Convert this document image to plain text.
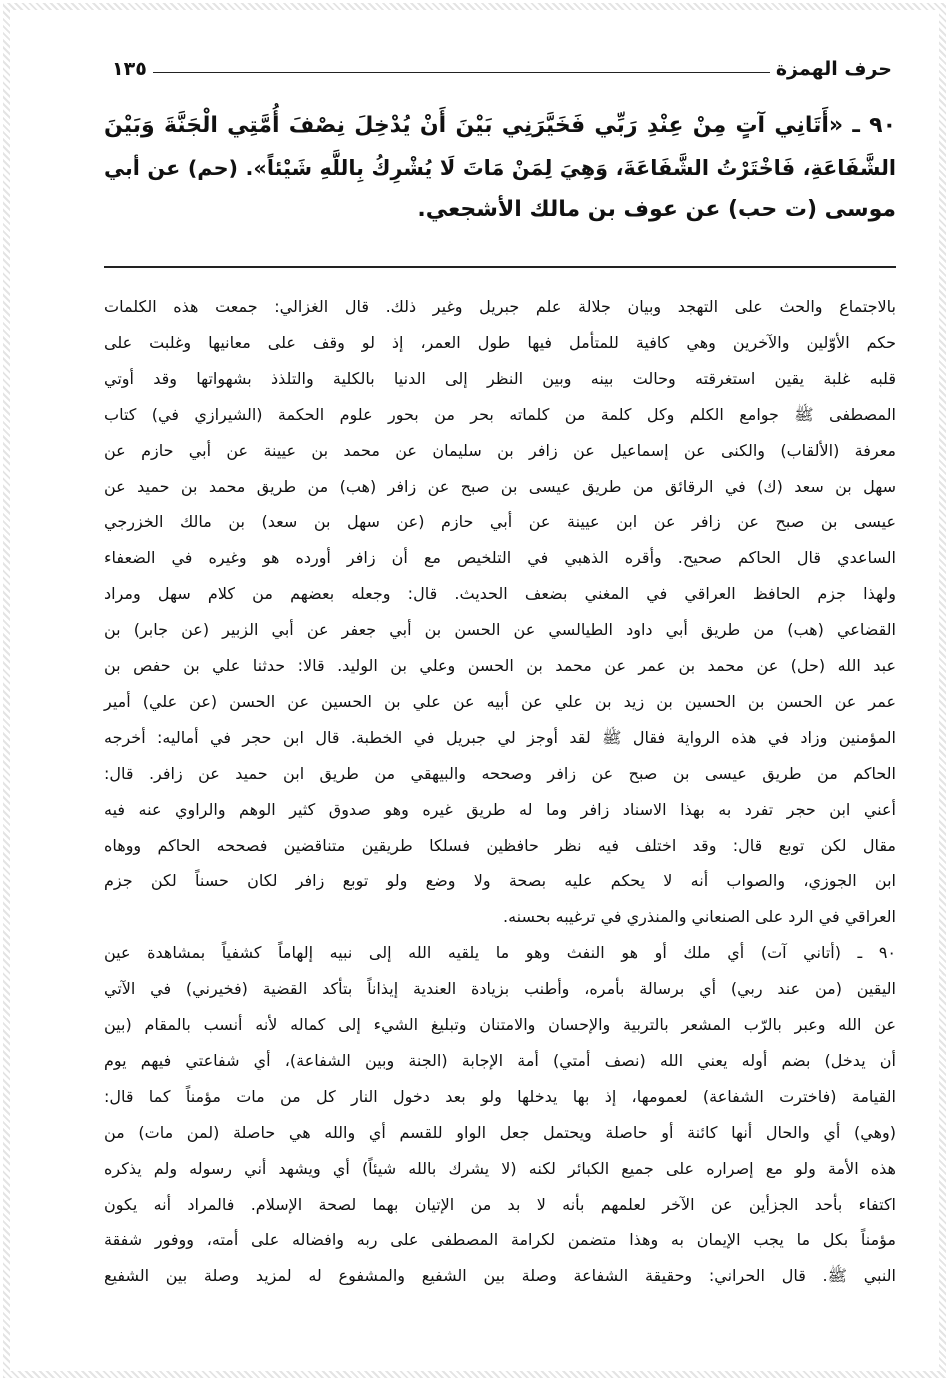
حرف الهمزة
١٣٥
٩٠ ـ «أَتَانِي آتٍ مِنْ عِنْدِ رَبِّي فَخَيَّرَنِي بَيْنَ أَنْ يُدْخِلَ نِصْفَ أُمَّتِي الْجَنَّةَ وَبَيْنَ
الشَّفَاعَةِ، فَاخْتَرْتُ الشَّفَاعَةَ، وَهِيَ لِمَنْ مَاتَ لَا يُشْرِكُ بِاللَّهِ شَيْئاً». (حم) عن أبي
موسى (ت حب) عن عوف بن مالك الأشجعي.
بالاجتماع والحث على التهجد وبيان جلالة علم جبريل وغير ذلك. قال الغزالي: جمعت هذه الكلمات
حكم الأوّلين والآخرين وهي كافية للمتأمل فيها طول العمر، إذ لو وقف على معانيها وغلبت على
قلبه غلبة يقين استغرقته وحالت بينه وبين النظر إلى الدنيا بالكلية والتلذذ بشهواتها وقد أوتي
المصطفى ﷺ جوامع الكلم وكل كلمة من كلماته بحر من بحور علوم الحكمة (الشيرازي في) كتاب
معرفة (الألقاب) والكنى عن إسماعيل عن زافر بن سليمان عن محمد بن عيينة عن أبي حازم عن
سهل بن سعد (ك) في الرقائق من طريق عيسى بن صبح عن زافر (هب) من طريق محمد بن حميد عن
عيسى بن صبح عن زافر عن ابن عيينة عن أبي حازم (عن سهل بن سعد) بن مالك الخزرجي
الساعدي قال الحاكم صحيح. وأقره الذهبي في التلخيص مع أن زافر أورده هو وغيره في الضعفاء
ولهذا جزم الحافظ العراقي في المغني بضعف الحديث. قال: وجعله بعضهم من كلام سهل ومراد
القضاعي (هب) من طريق أبي داود الطيالسي عن الحسن بن أبي جعفر عن أبي الزبير (عن جابر) بن
عبد الله (حل) عن محمد بن عمر عن محمد بن الحسن وعلي بن الوليد. قالا: حدثنا علي بن حفص بن
عمر عن الحسن بن الحسين بن زيد بن علي عن أبيه عن علي بن الحسين عن الحسن (عن علي) أمير
المؤمنين وزاد في هذه الرواية فقال ﷺ لقد أوجز لي جبريل في الخطبة. قال ابن حجر في أماليه: أخرجه
الحاكم من طريق عيسى بن صبح عن زافر وصححه والبيهقي من طريق ابن حميد عن زافر. قال:
أعني ابن حجر تفرد به بهذا الاسناد زافر وما له طريق غيره وهو صدوق كثير الوهم والراوي عنه فيه
مقال لكن توبع قال: وقد اختلف فيه نظر حافظين فسلكا طريقين متناقضين فصححه الحاكم ووهاه
ابن الجوزي، والصواب أنه لا يحكم عليه بصحة ولا وضع ولو توبع زافر لكان حسناً لكن جزم
العراقي في الرد على الصنعاني والمنذري في ترغيبه بحسنه.
٩٠ ـ (أتاني آت) أي ملك أو هو النفث وهو ما يلقيه الله إلى نبيه إلهاماً كشفياً بمشاهدة عين
اليقين (من عند ربي) أي برسالة بأمره، وأطنب بزيادة العندية إيذاناً بتأكد القضية (فخيرني) في الآتي
عن الله وعبر بالرّب المشعر بالتربية والإحسان والامتنان وتبليغ الشيء إلى كماله لأنه أنسب بالمقام (بين
أن يدخل) بضم أوله يعني الله (نصف أمتي) أمة الإجابة (الجنة وبين الشفاعة)، أي شفاعتي فيهم يوم
القيامة (فاخترت الشفاعة) لعمومها، إذ بها يدخلها ولو بعد دخول النار كل من مات مؤمناً كما قال:
(وهي) أي والحال أنها كائنة أو حاصلة ويحتمل جعل الواو للقسم أي والله هي حاصلة (لمن مات) من
هذه الأمة ولو مع إصراره على جميع الكبائر لكنه (لا يشرك بالله شيئاً) أي ويشهد أني رسوله ولم يذكره
اكتفاء بأحد الجزأين عن الآخر لعلمهم بأنه لا بد من الإتيان بهما لصحة الإسلام. فالمراد أنه يكون
مؤمناً بكل ما يجب الإيمان به وهذا متضمن لكرامة المصطفى على ربه وافضاله على أمته، ووفور شفقة
النبي ﷺ. قال الحراني: وحقيقة الشفاعة وصلة بين الشفيع والمشفوع له لمزيد وصلة بين الشفيع
